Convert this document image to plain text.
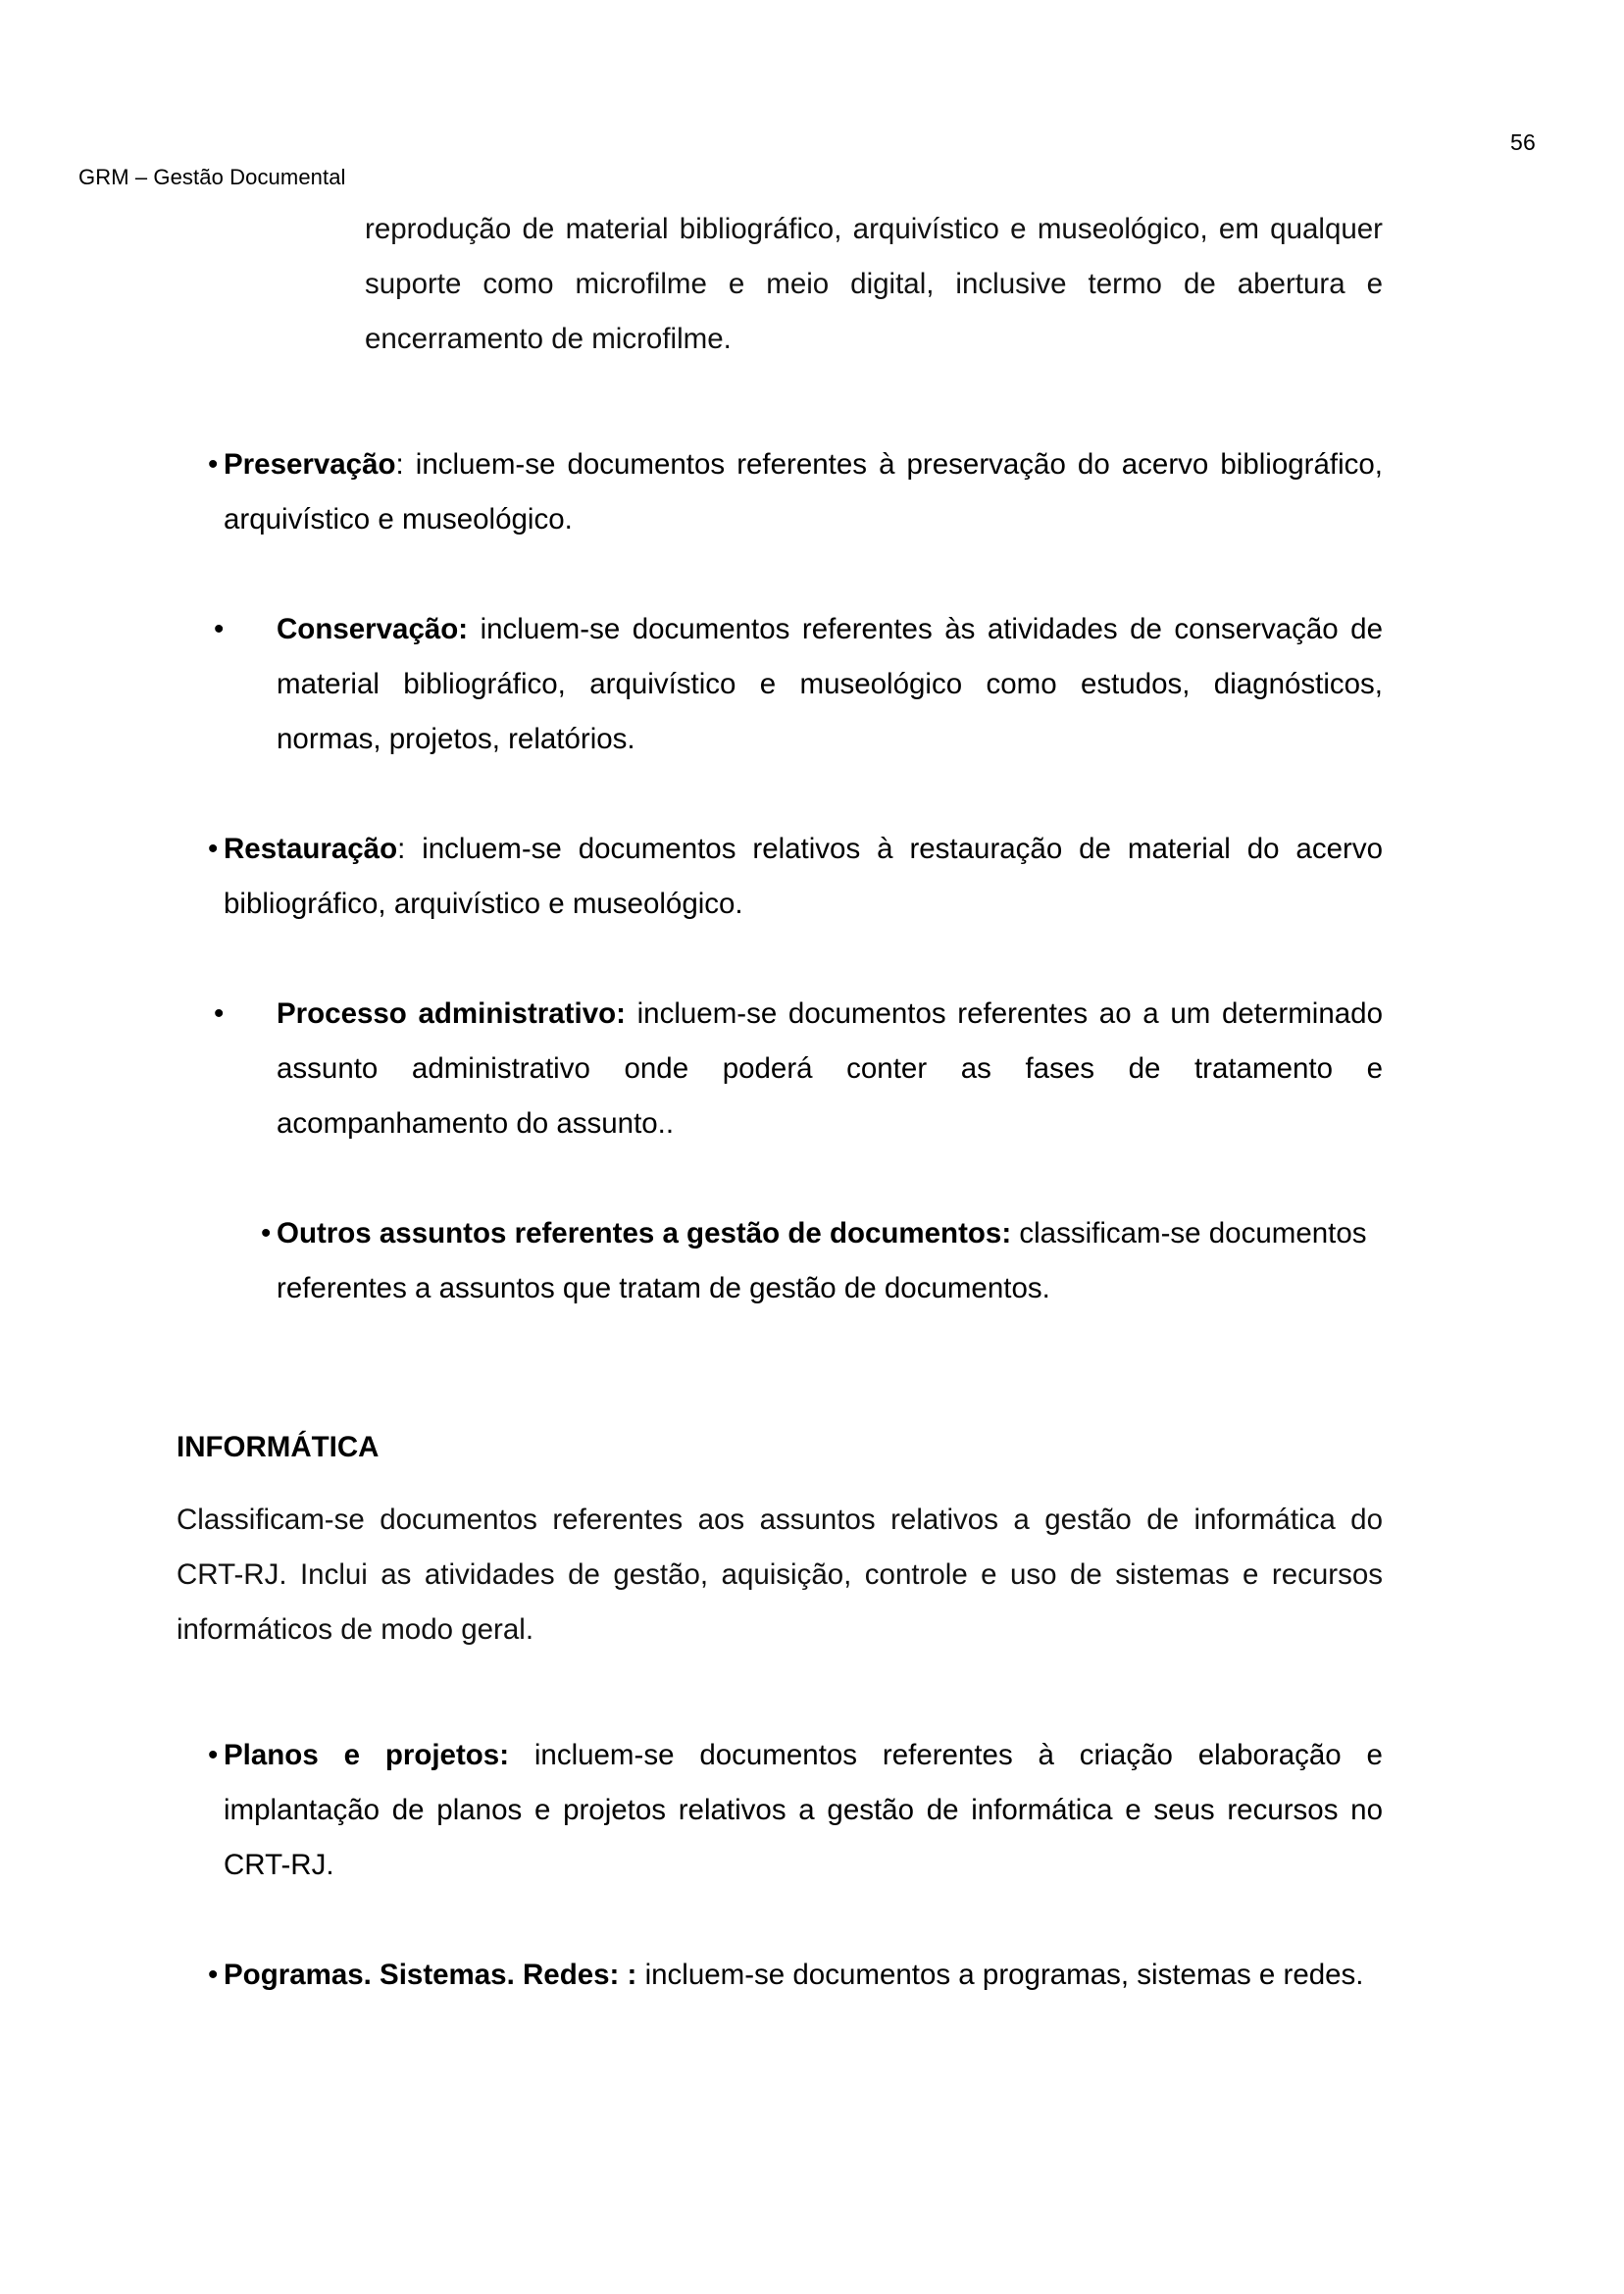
56
GRM – Gestão Documental

reprodução de material bibliográfico, arquivístico e museológico, em qualquer suporte como microfilme e meio digital, inclusive termo de abertura e encerramento de microfilme.

Preservação: incluem-se documentos referentes à preservação do acervo bibliográfico, arquivístico e museológico.
•
Conservação: incluem-se documentos referentes às atividades de conservação de material bibliográfico, arquivístico e museológico como estudos, diagnósticos, normas, projetos, relatórios.
•
Restauração: incluem-se documentos relativos à restauração de material do acervo bibliográfico, arquivístico e museológico.
•
Processo administrativo: incluem-se documentos referentes ao a um determinado assunto administrativo onde poderá conter as fases de tratamento e acompanhamento do assunto..
•
Outros assuntos referentes a gestão de documentos: classificam-se documentos referentes a assuntos que tratam de gestão de documentos.
•
INFORMÁTICA

Classificam-se documentos referentes aos assuntos relativos a gestão de informática do CRT-RJ. Inclui as atividades de gestão, aquisição, controle e uso de sistemas e recursos informáticos de modo geral.

Planos e projetos: incluem-se documentos referentes à criação elaboração e implantação de planos e projetos relativos a gestão de informática e seus recursos no CRT-RJ.
•
Pogramas. Sistemas. Redes: : incluem-se documentos a programas, sistemas e redes.
•
